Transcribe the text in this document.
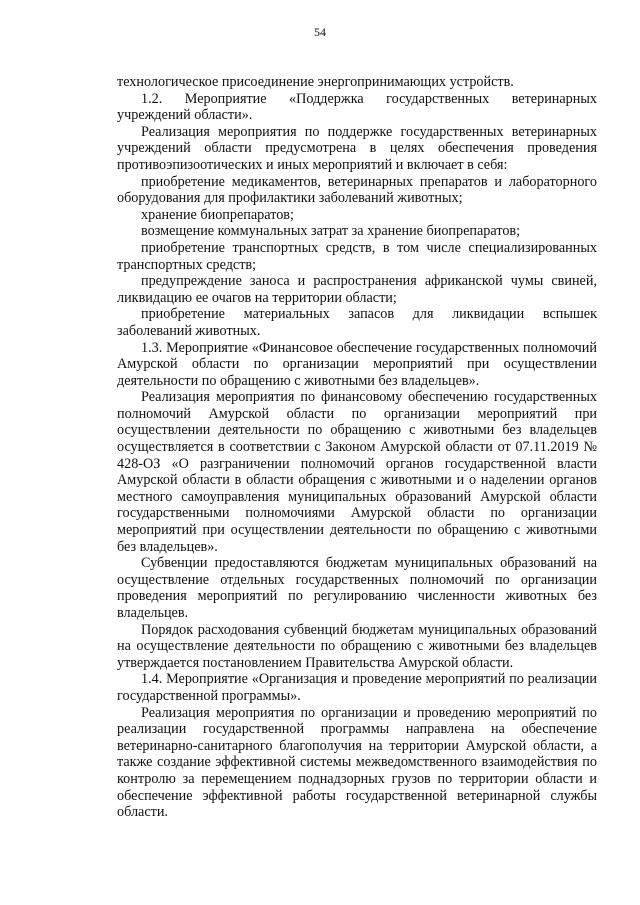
54

технологическое присоединение энергопринимающих устройств.

1.2. Мероприятие «Поддержка государственных ветеринарных учреждений области».

Реализация мероприятия по поддержке государственных ветеринарных учреждений области предусмотрена в целях обеспечения проведения противоэпизоотических и иных мероприятий и включает в себя:

приобретение медикаментов, ветеринарных препаратов и лабораторного оборудования для профилактики заболеваний животных;

хранение биопрепаратов;

возмещение коммунальных затрат за хранение биопрепаратов;

приобретение транспортных средств, в том числе специализированных транспортных средств;

предупреждение заноса и распространения африканской чумы свиней, ликвидацию ее очагов на территории области;

приобретение материальных запасов для ликвидации вспышек заболеваний животных.

1.3. Мероприятие «Финансовое обеспечение государственных полномочий Амурской области по организации мероприятий при осуществлении деятельности по обращению с животными без владельцев».

Реализация мероприятия по финансовому обеспечению государственных полномочий Амурской области по организации мероприятий при осуществлении деятельности по обращению с животными без владельцев осуществляется в соответствии с Законом Амурской области от 07.11.2019 № 428-ОЗ «О разграничении полномочий органов государственной власти Амурской области в области обращения с животными и о наделении органов местного самоуправления муниципальных образований Амурской области государственными полномочиями Амурской области по организации мероприятий при осуществлении деятельности по обращению с животными без владельцев».

Субвенции предоставляются бюджетам муниципальных образований на осуществление отдельных государственных полномочий по организации проведения мероприятий по регулированию численности животных без владельцев.

Порядок расходования субвенций бюджетам муниципальных образований на осуществление деятельности по обращению с животными без владельцев утверждается постановлением Правительства Амурской области.

1.4. Мероприятие «Организация и проведение мероприятий по реализации государственной программы».

Реализация мероприятия по организации и проведению мероприятий по реализации государственной программы направлена на обеспечение ветеринарно-санитарного благополучия на территории Амурской области, а также создание эффективной системы межведомственного взаимодействия по контролю за перемещением поднадзорных грузов по территории области и обеспечение эффективной работы государственной ветеринарной службы области.
